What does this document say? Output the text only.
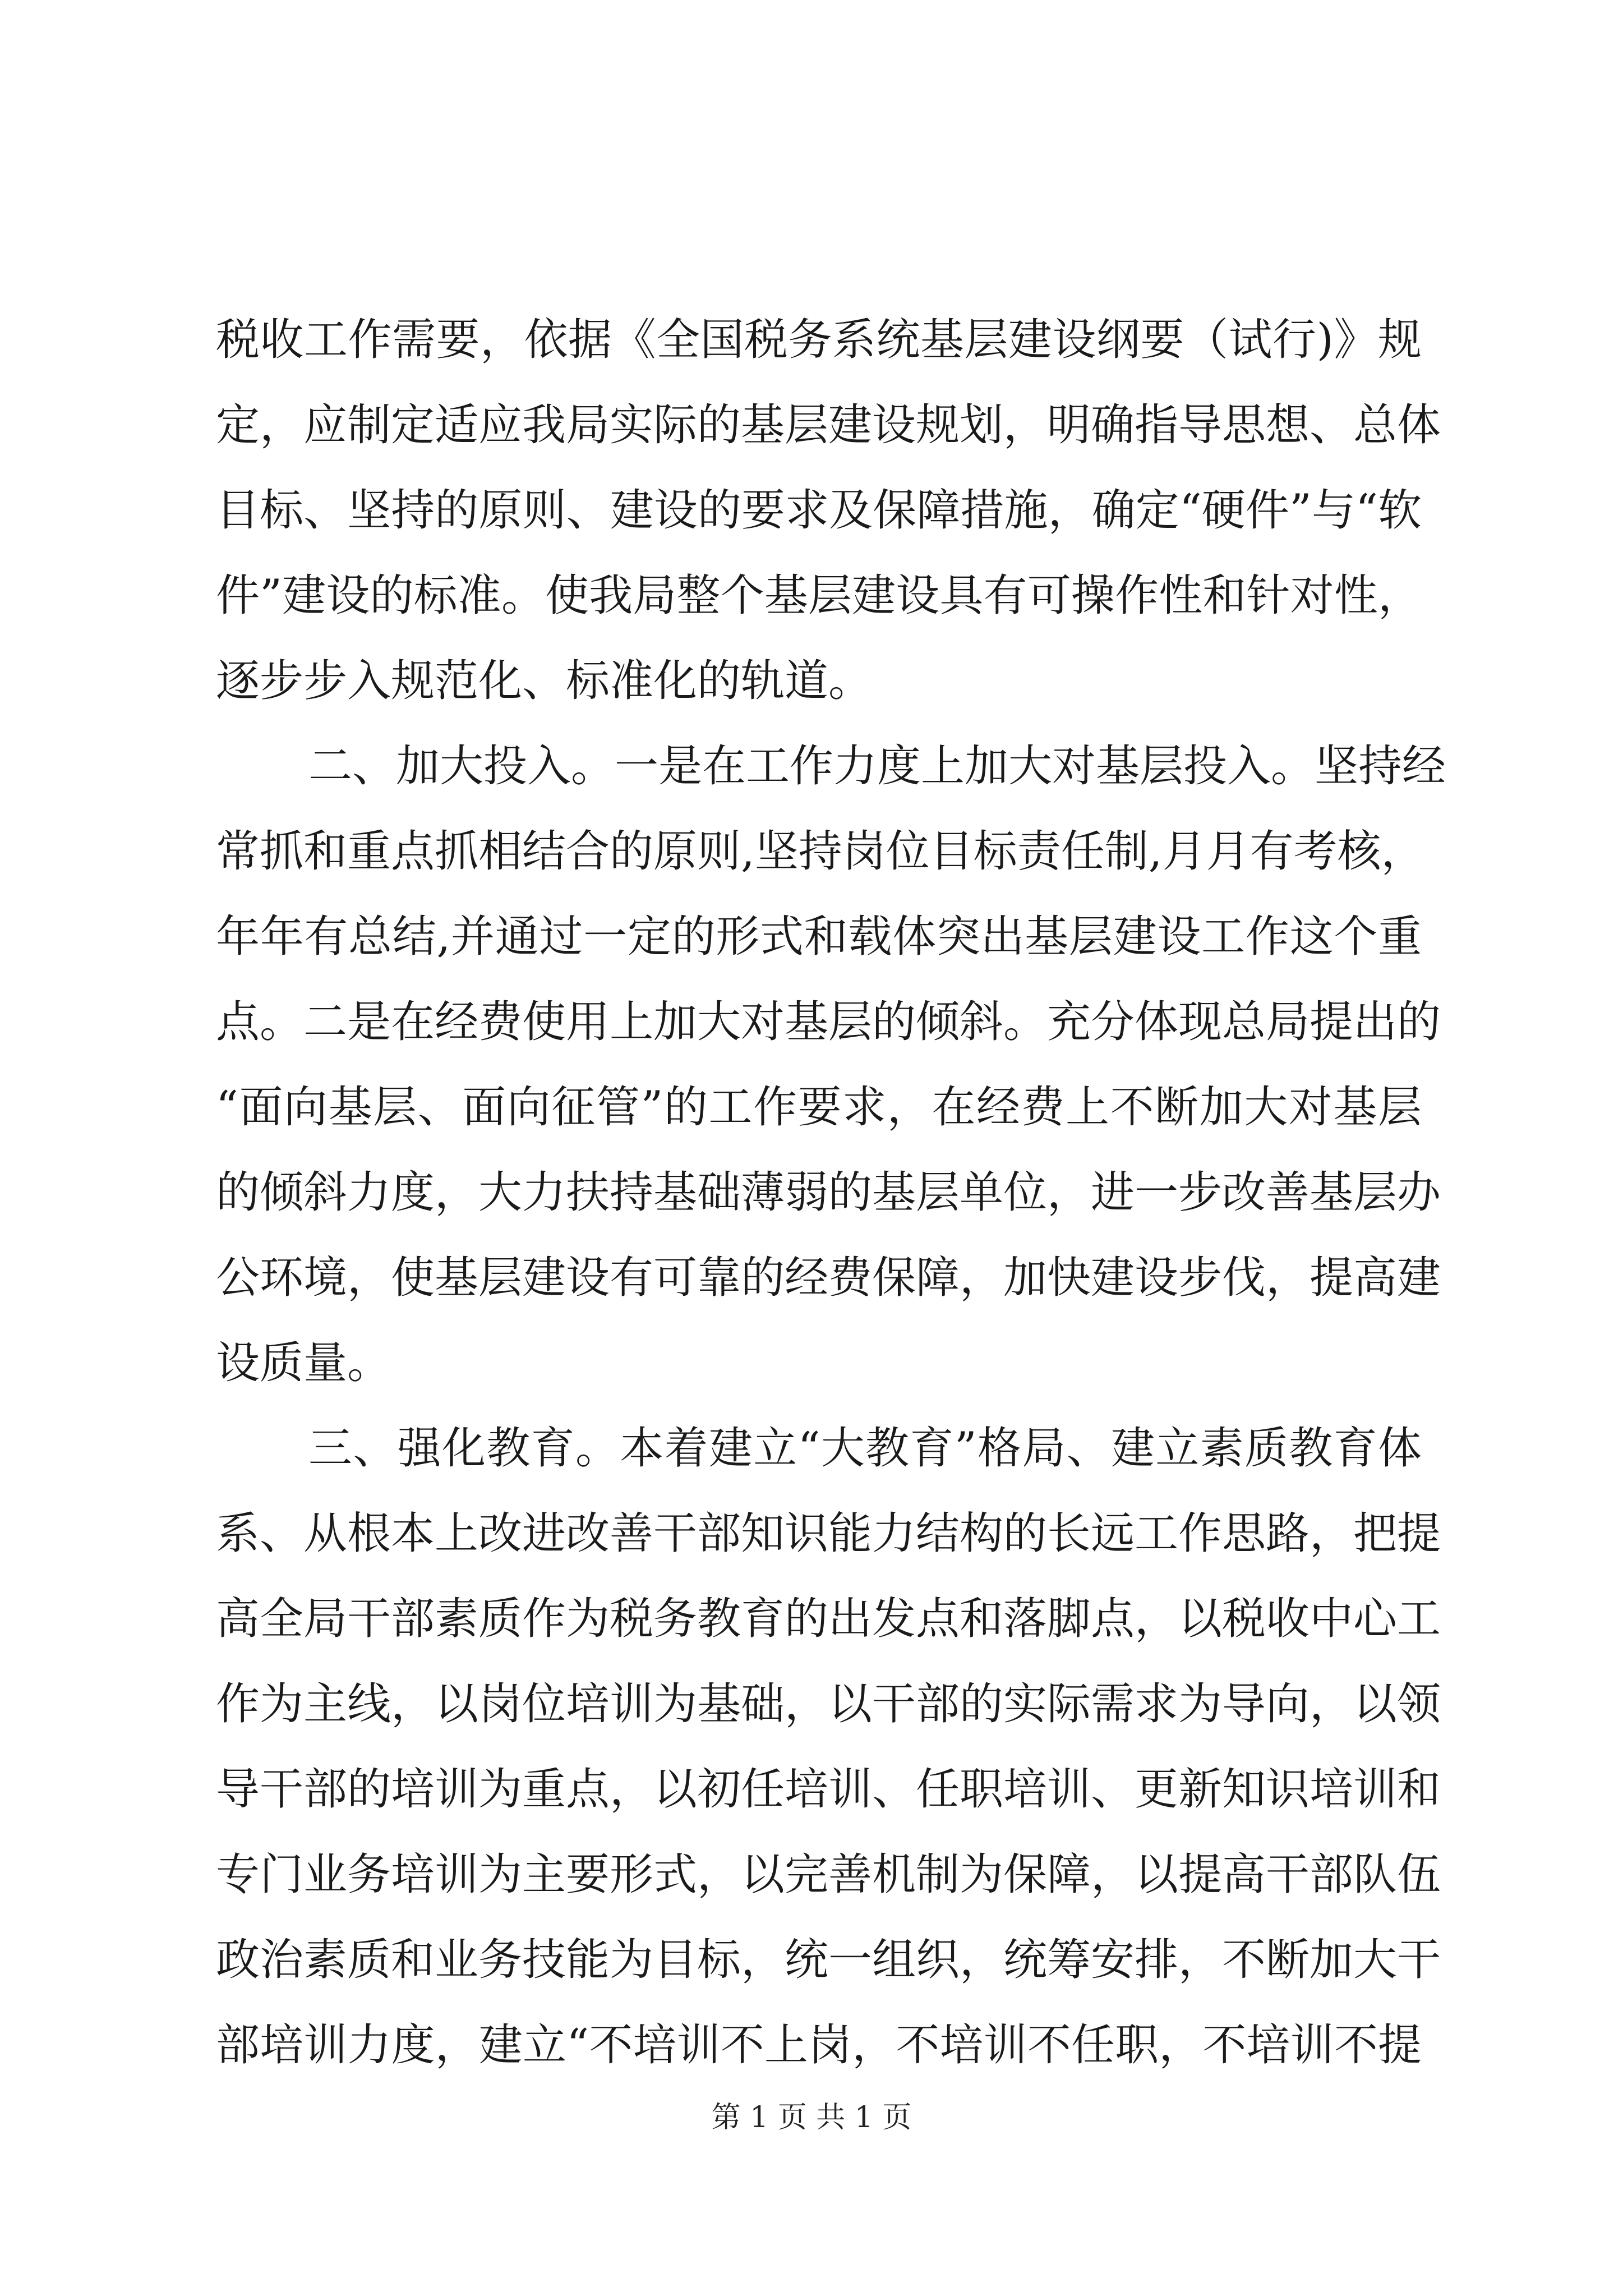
税收工作需要，依据《全国税务系统基层建设纲要（试行)》规
定，应制定适应我局实际的基层建设规划，明确指导思想、总体
目标、坚持的原则、建设的要求及保障措施，确定“硬件”与“软
件”建设的标准。使我局整个基层建设具有可操作性和针对性，
逐步步入规范化、标准化的轨道。
二、加大投入。一是在工作力度上加大对基层投入。坚持经
常抓和重点抓相结合的原则,坚持岗位目标责任制,月月有考核，
年年有总结,并通过一定的形式和载体突出基层建设工作这个重
点。二是在经费使用上加大对基层的倾斜。充分体现总局提出的
“面向基层、面向征管”的工作要求，在经费上不断加大对基层
的倾斜力度，大力扶持基础薄弱的基层单位，进一步改善基层办
公环境，使基层建设有可靠的经费保障，加快建设步伐，提高建
设质量。
三、强化教育。本着建立“大教育”格局、建立素质教育体
系、从根本上改进改善干部知识能力结构的长远工作思路，把提
高全局干部素质作为税务教育的出发点和落脚点，以税收中心工
作为主线，以岗位培训为基础，以干部的实际需求为导向，以领
导干部的培训为重点，以初任培训、任职培训、更新知识培训和
专门业务培训为主要形式，以完善机制为保障，以提高干部队伍
政治素质和业务技能为目标，统一组织，统筹安排，不断加大干
部培训力度，建立“不培训不上岗，不培训不任职，不培训不提
第 1 页 共 1 页
